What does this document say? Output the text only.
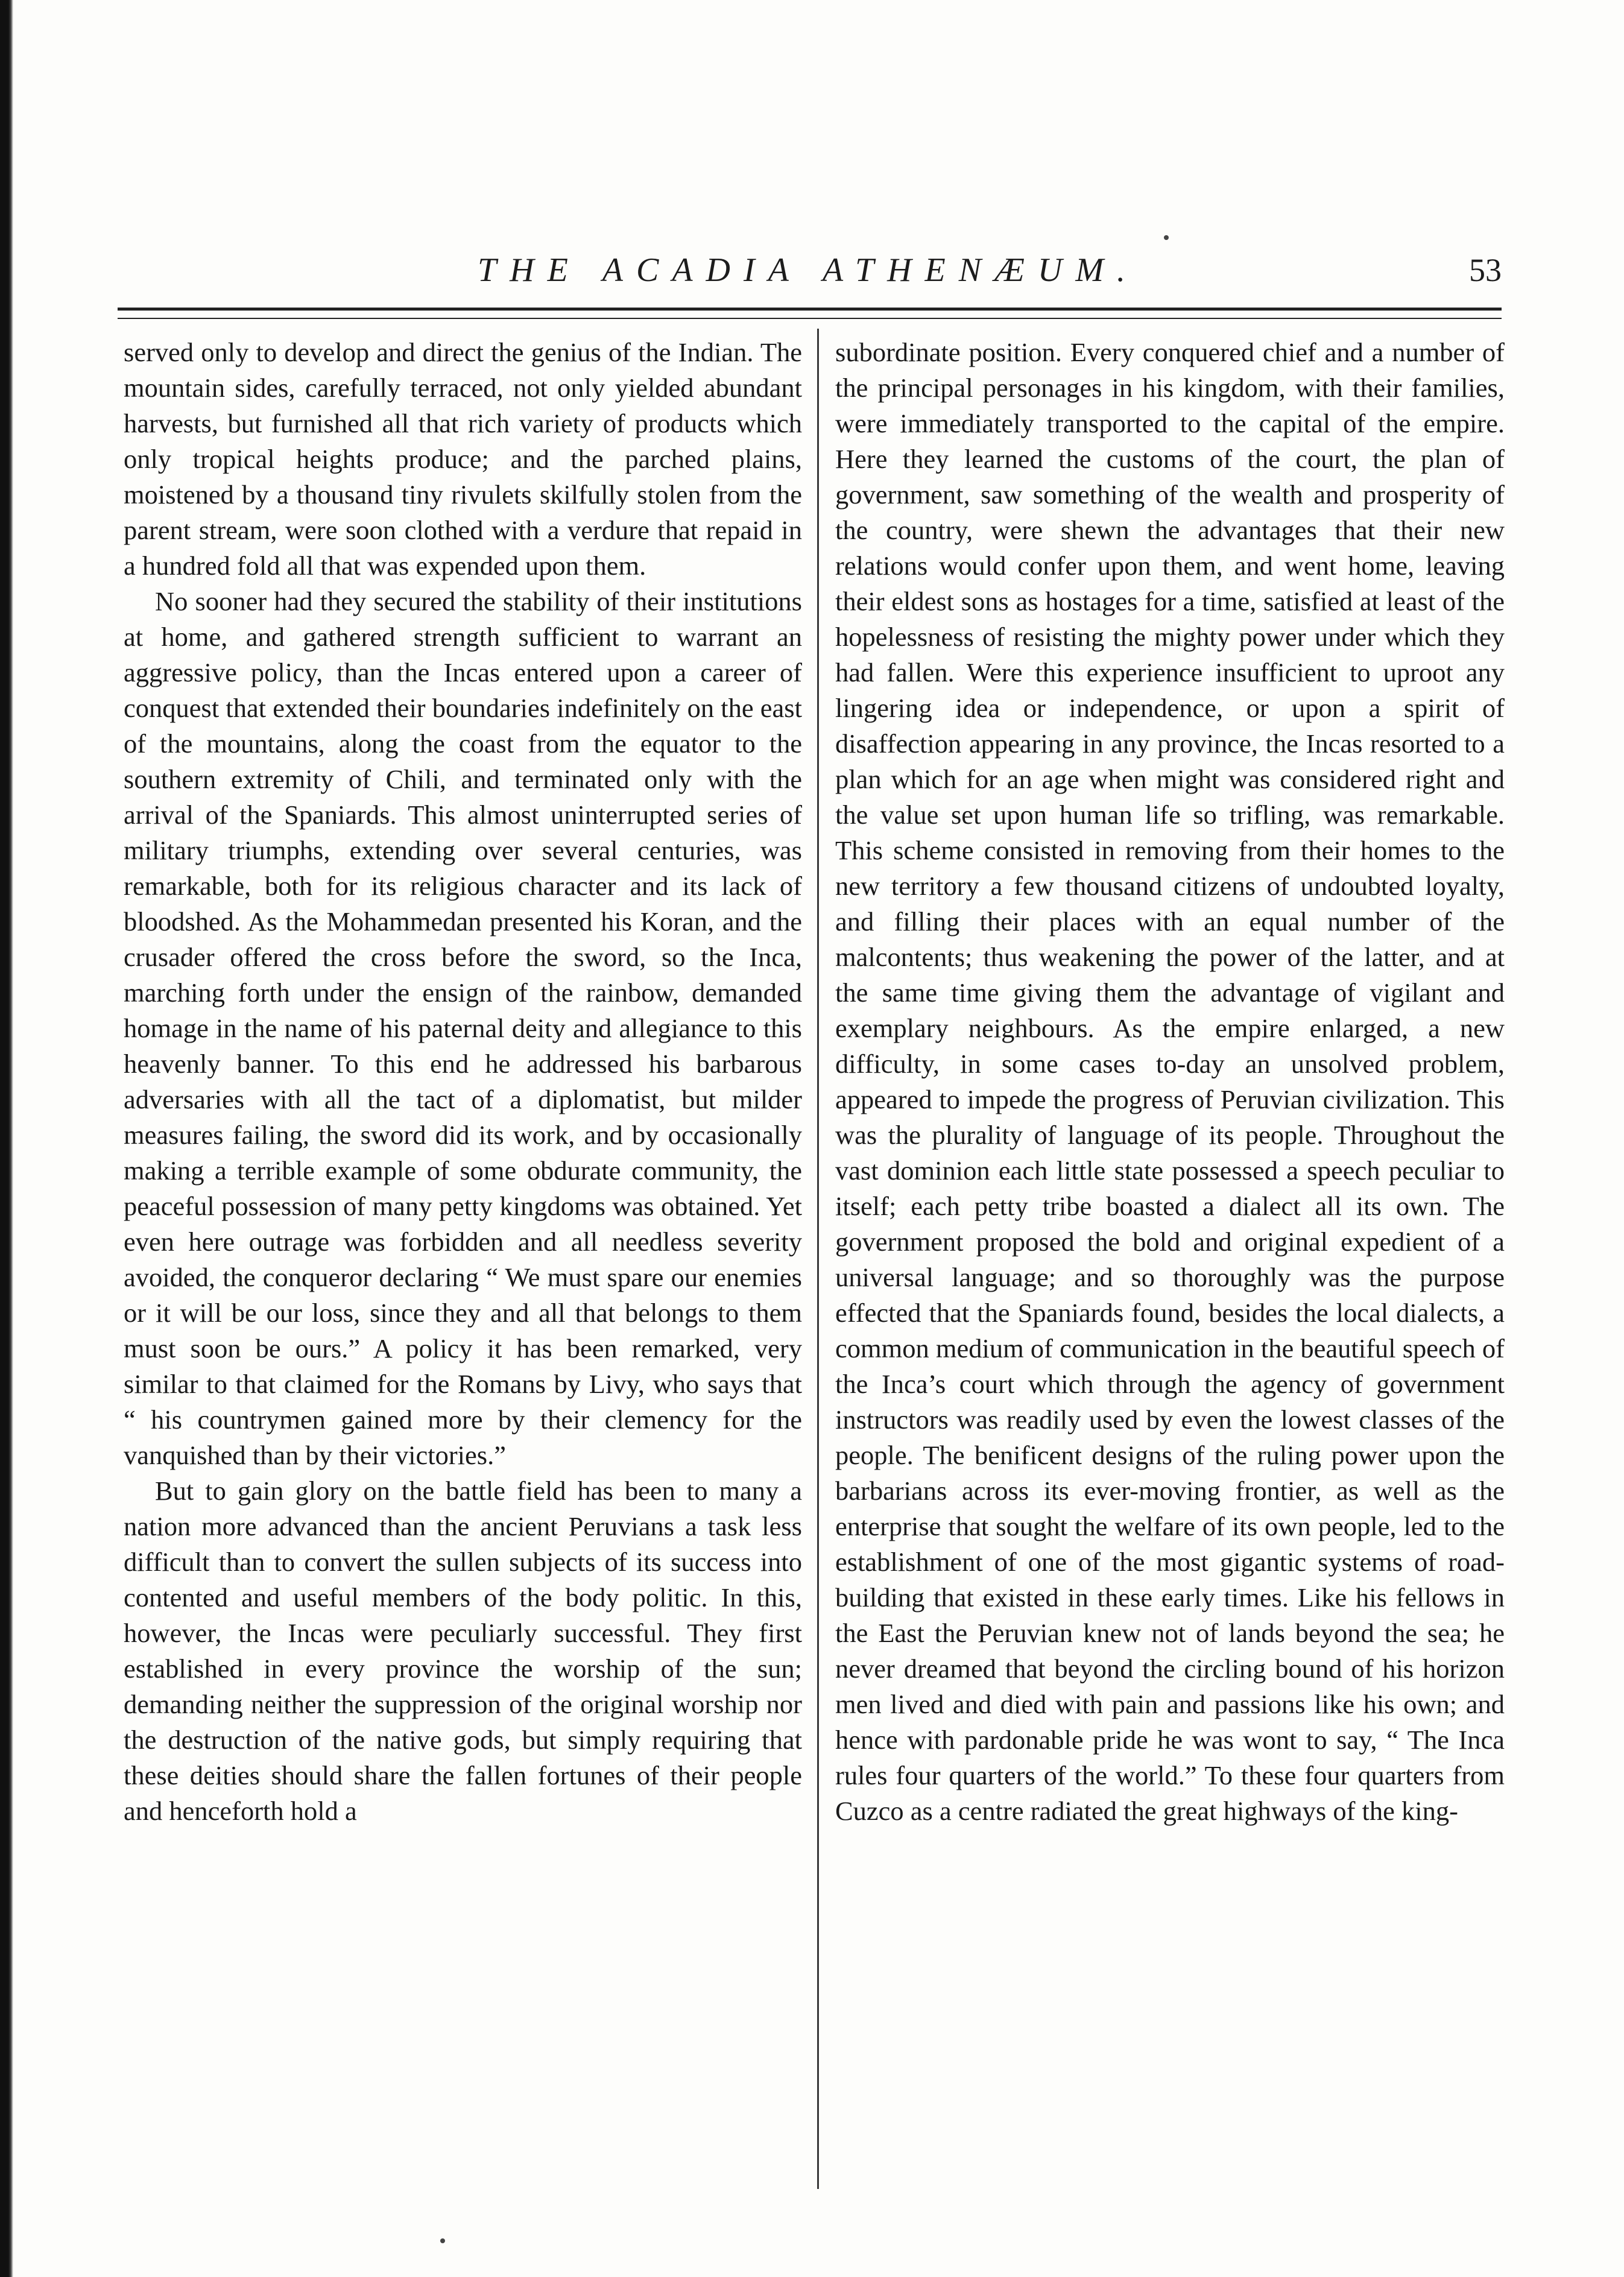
THE ACADIA ATHENÆUM.	53

served only to develop and direct the genius of the Indian. The mountain sides, carefully terraced, not only yielded abundant harvests, but furnished all that rich variety of products which only tropical heights produce; and the parched plains, moistened by a thousand tiny rivulets skilfully stolen from the parent stream, were soon clothed with a verdure that repaid in a hundred fold all that was expended upon them.

No sooner had they secured the stability of their institutions at home, and gathered strength sufficient to warrant an aggressive policy, than the Incas entered upon a career of conquest that extended their boundaries indefinitely on the east of the mountains, along the coast from the equator to the southern extremity of Chili, and terminated only with the arrival of the Spaniards. This almost uninterrupted series of military triumphs, extending over several centuries, was remarkable, both for its religious character and its lack of bloodshed. As the Mohammedan presented his Koran, and the crusader offered the cross before the sword, so the Inca, marching forth under the ensign of the rainbow, demanded homage in the name of his paternal deity and allegiance to this heavenly banner. To this end he addressed his barbarous adversaries with all the tact of a diplomatist, but milder measures failing, the sword did its work, and by occasionally making a terrible example of some obdurate community, the peaceful possession of many petty kingdoms was obtained. Yet even here outrage was forbidden and all needless severity avoided, the conqueror declaring “ We must spare our enemies or it will be our loss, since they and all that belongs to them must soon be ours.” A policy it has been remarked, very similar to that claimed for the Romans by Livy, who says that “ his countrymen gained more by their clemency for the vanquished than by their victories.”

But to gain glory on the battle field has been to many a nation more advanced than the ancient Peruvians a task less difficult than to convert the sullen subjects of its success into contented and useful members of the body politic. In this, however, the Incas were peculiarly successful. They first established in every province the worship of the sun; demanding neither the suppression of the original worship nor the destruction of the native gods, but simply requiring that these deities should share the fallen fortunes of their people and henceforth hold a

subordinate position. Every conquered chief and a number of the principal personages in his kingdom, with their families, were immediately transported to the capital of the empire. Here they learned the customs of the court, the plan of government, saw something of the wealth and prosperity of the country, were shewn the advantages that their new relations would confer upon them, and went home, leaving their eldest sons as hostages for a time, satisfied at least of the hopelessness of resisting the mighty power under which they had fallen. Were this experience insufficient to uproot any lingering idea or independence, or upon a spirit of disaffection appearing in any province, the Incas resorted to a plan which for an age when might was considered right and the value set upon human life so trifling, was remarkable. This scheme consisted in removing from their homes to the new territory a few thousand citizens of undoubted loyalty, and filling their places with an equal number of the malcontents; thus weakening the power of the latter, and at the same time giving them the advantage of vigilant and exemplary neighbours. As the empire enlarged, a new difficulty, in some cases to-day an unsolved problem, appeared to impede the progress of Peruvian civilization. This was the plurality of language of its people. Throughout the vast dominion each little state possessed a speech peculiar to itself; each petty tribe boasted a dialect all its own. The government proposed the bold and original expedient of a universal language; and so thoroughly was the purpose effected that the Spaniards found, besides the local dialects, a common medium of communication in the beautiful speech of the Inca’s court which through the agency of government instructors was readily used by even the lowest classes of the people. The benificent designs of the ruling power upon the barbarians across its ever-moving frontier, as well as the enterprise that sought the welfare of its own people, led to the establishment of one of the most gigantic systems of road-building that existed in these early times. Like his fellows in the East the Peruvian knew not of lands beyond the sea; he never dreamed that beyond the circling bound of his horizon men lived and died with pain and passions like his own; and hence with pardonable pride he was wont to say, “ The Inca rules four quarters of the world.” To these four quarters from Cuzco as a centre radiated the great highways of the king-
